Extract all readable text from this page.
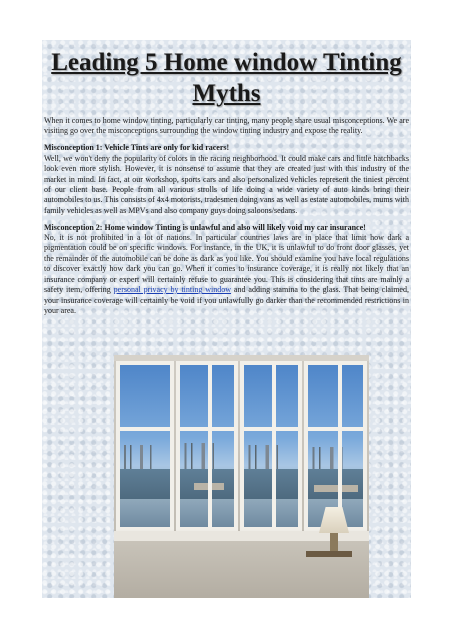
Leading 5 Home window Tinting Myths

When it comes to home window tinting, particularly car tinting, many people share usual misconceptions. We are visiting go over the misconceptions surrounding the window tinting industry and expose the reality.

Misconception 1: Vehicle Tints are only for kid racers!
Well, we won't deny the popularity of colors in the racing neighborhood. It could make cars and little hatchbacks look even more stylish. However, it is nonsense to assume that they are created just with this industry of the market in mind. In fact, at our workshop, sports cars and also personalized vehicles represent the tiniest percent of our client base. People from all various strolls of life doing a wide variety of auto kinds bring their automobiles to us. This consists of 4x4 motorists, tradesmen doing vans as well as estate automobiles, mums with family vehicles as well as MPVs and also company guys doing saloons/sedans.

Misconception 2: Home window Tinting is unlawful and also will likely void my car insurance!
No, it is not prohibited in a lot of nations. In particular countries laws are in place that limit how dark a pigmentation could be on specific windows. For instance, in the UK, it is unlawful to do front door glasses, yet the remainder of the automobile can be done as dark as you like. You should examine you have local regulations to discover exactly how dark you can go. When it comes to insurance coverage, it is really not likely that an insurance company or expert will certainly refuse to guarantee you. This is considering that tints are mainly a safety item, offering personal privacy by tinting window and adding stamina to the glass. That being claimed, your insurance coverage will certainly be void if you unlawfully go darker than the recommended restrictions in your area.
